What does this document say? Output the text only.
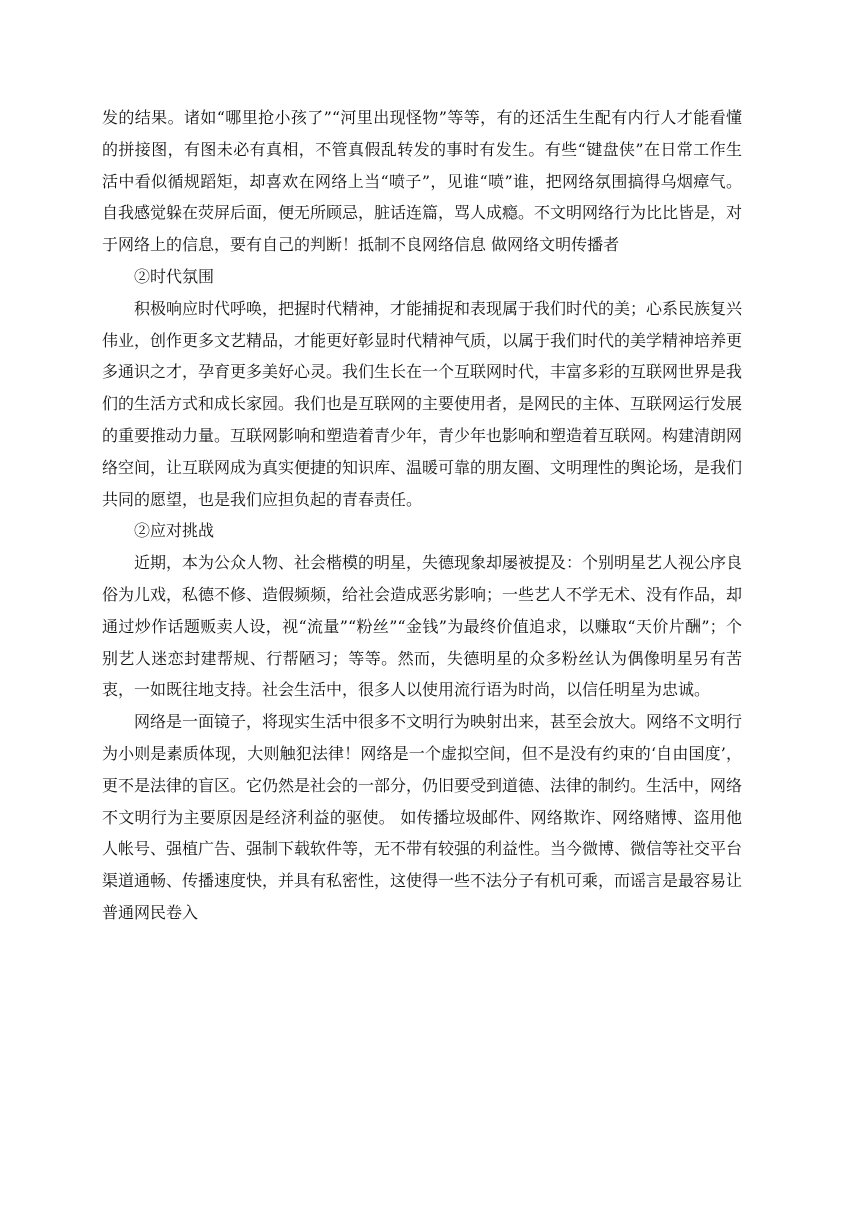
发的结果。诸如“哪里抢小孩了”“河里出现怪物”等等，有的还活生生配有内行人才能看懂的拼接图，有图未必有真相，不管真假乱转发的事时有发生。有些“键盘侠”在日常工作生活中看似循规蹈矩，却喜欢在网络上当“喷子”，见谁“喷”谁，把网络氛围搞得乌烟瘴气。自我感觉躲在荧屏后面，便无所顾忌，脏话连篇，骂人成瘾。不文明网络行为比比皆是，对于网络上的信息，要有自己的判断！抵制不良网络信息 做网络文明传播者

②时代氛围

积极响应时代呼唤，把握时代精神，才能捕捉和表现属于我们时代的美；心系民族复兴伟业，创作更多文艺精品，才能更好彰显时代精神气质，以属于我们时代的美学精神培养更多通识之才，孕育更多美好心灵。我们生长在一个互联网时代，丰富多彩的互联网世界是我们的生活方式和成长家园。我们也是互联网的主要使用者，是网民的主体、互联网运行发展的重要推动力量。互联网影响和塑造着青少年，青少年也影响和塑造着互联网。构建清朗网络空间，让互联网成为真实便捷的知识库、温暖可靠的朋友圈、文明理性的舆论场，是我们共同的愿望，也是我们应担负起的青春责任。

②应对挑战

近期，本为公众人物、社会楷模的明星，失德现象却屡被提及：个别明星艺人视公序良俗为儿戏，私德不修、造假频频，给社会造成恶劣影响；一些艺人不学无术、没有作品，却通过炒作话题贩卖人设，视“流量”“粉丝”“金钱”为最终价值追求，以赚取“天价片酬”；个别艺人迷恋封建帮规、行帮陋习；等等。然而，失德明星的众多粉丝认为偶像明星另有苦衷，一如既往地支持。社会生活中，很多人以使用流行语为时尚，以信任明星为忠诚。

网络是一面镜子，将现实生活中很多不文明行为映射出来，甚至会放大。网络不文明行为小则是素质体现，大则触犯法律！网络是一个虚拟空间，但不是没有约束的‘自由国度’，更不是法律的盲区。它仍然是社会的一部分，仍旧要受到道德、法律的制约。生活中，网络不文明行为主要原因是经济利益的驱使。 如传播垃圾邮件、网络欺诈、网络赌博、盗用他人帐号、强植广告、强制下载软件等，无不带有较强的利益性。当今微博、微信等社交平台渠道通畅、传播速度快，并具有私密性，这使得一些不法分子有机可乘，而谣言是最容易让普通网民卷入
